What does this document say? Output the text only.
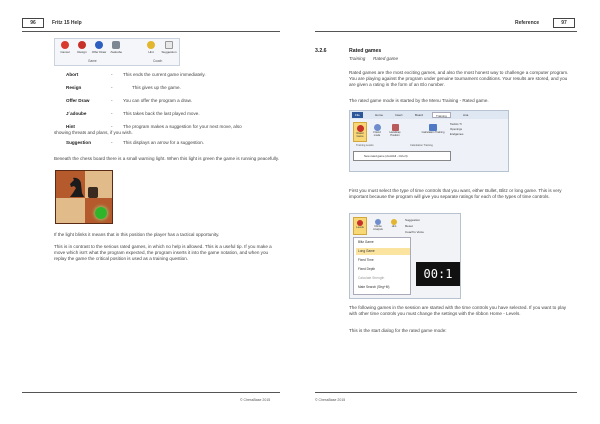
96	Fritz 15 Help
Cancel	Resign	Offer Draw	J'adoube	Hint	Suggestion
Game	Coach
Abort	- This ends the current game immediately.
Resign	-	This gives up the game.
Offer Draw	- You can offer the program a draw.
J´adoube	- This takes back the last played move.
Hint	- The program makes a suggestion for your next move, also
showing threats and plans, if you wish.
Suggestion	- This displays an arrow for a suggestion.
Beneath the chess board there is a small warning light. When this light is green the game is running peacefully.
If the light blinks it means that in this position the player has a tactical opportunity.
This is in contrast to the serious rated games, in which no help is allowed. This is a useful tip. If you make a move which isn't what the program expected, the program inserts it into the game notation, and when you replay the game the critical position is used as a training question.
© ChessBase 2015
Reference	97
3.2.6	Rated games
Training Rated game
Rated games are the most exciting games, and also the most honest way to challenge a computer program. You are playing against the program under genuine tournament conditions. Your results are stored, and you are given a rating in the form of an Elo number.
The rated game mode is started by the Menu Training - Rated game.
File	Home	Insert	Board	Training	Ana
Rated Game
Friend mode
Handicap Position
Calculation Training
Tactics Tr
Openings
Endgames
Training Levels	Calculation Training
New rated game (clockfull - Ctrl+N)
First you must select the type of time controls that you want, either Bullet, Blitz or long game. This is very important because the program will give you separate ratings for each of the types of time controls.
Levels	Infinite Analysis
Hint
Suggestion
Reset
Coach's Voice
Blitz Game
Long Game
Fixed Time
Fixed Depth
Calculate Strength
Mate Search (Strg+M)
00:1
The following games in the session are started with the time controls you have selected. If you want to play with other time controls you must change the settings with the ribbon Home - Levels.
This is the start dialog for the rated game mode:
© ChessBase 2015
